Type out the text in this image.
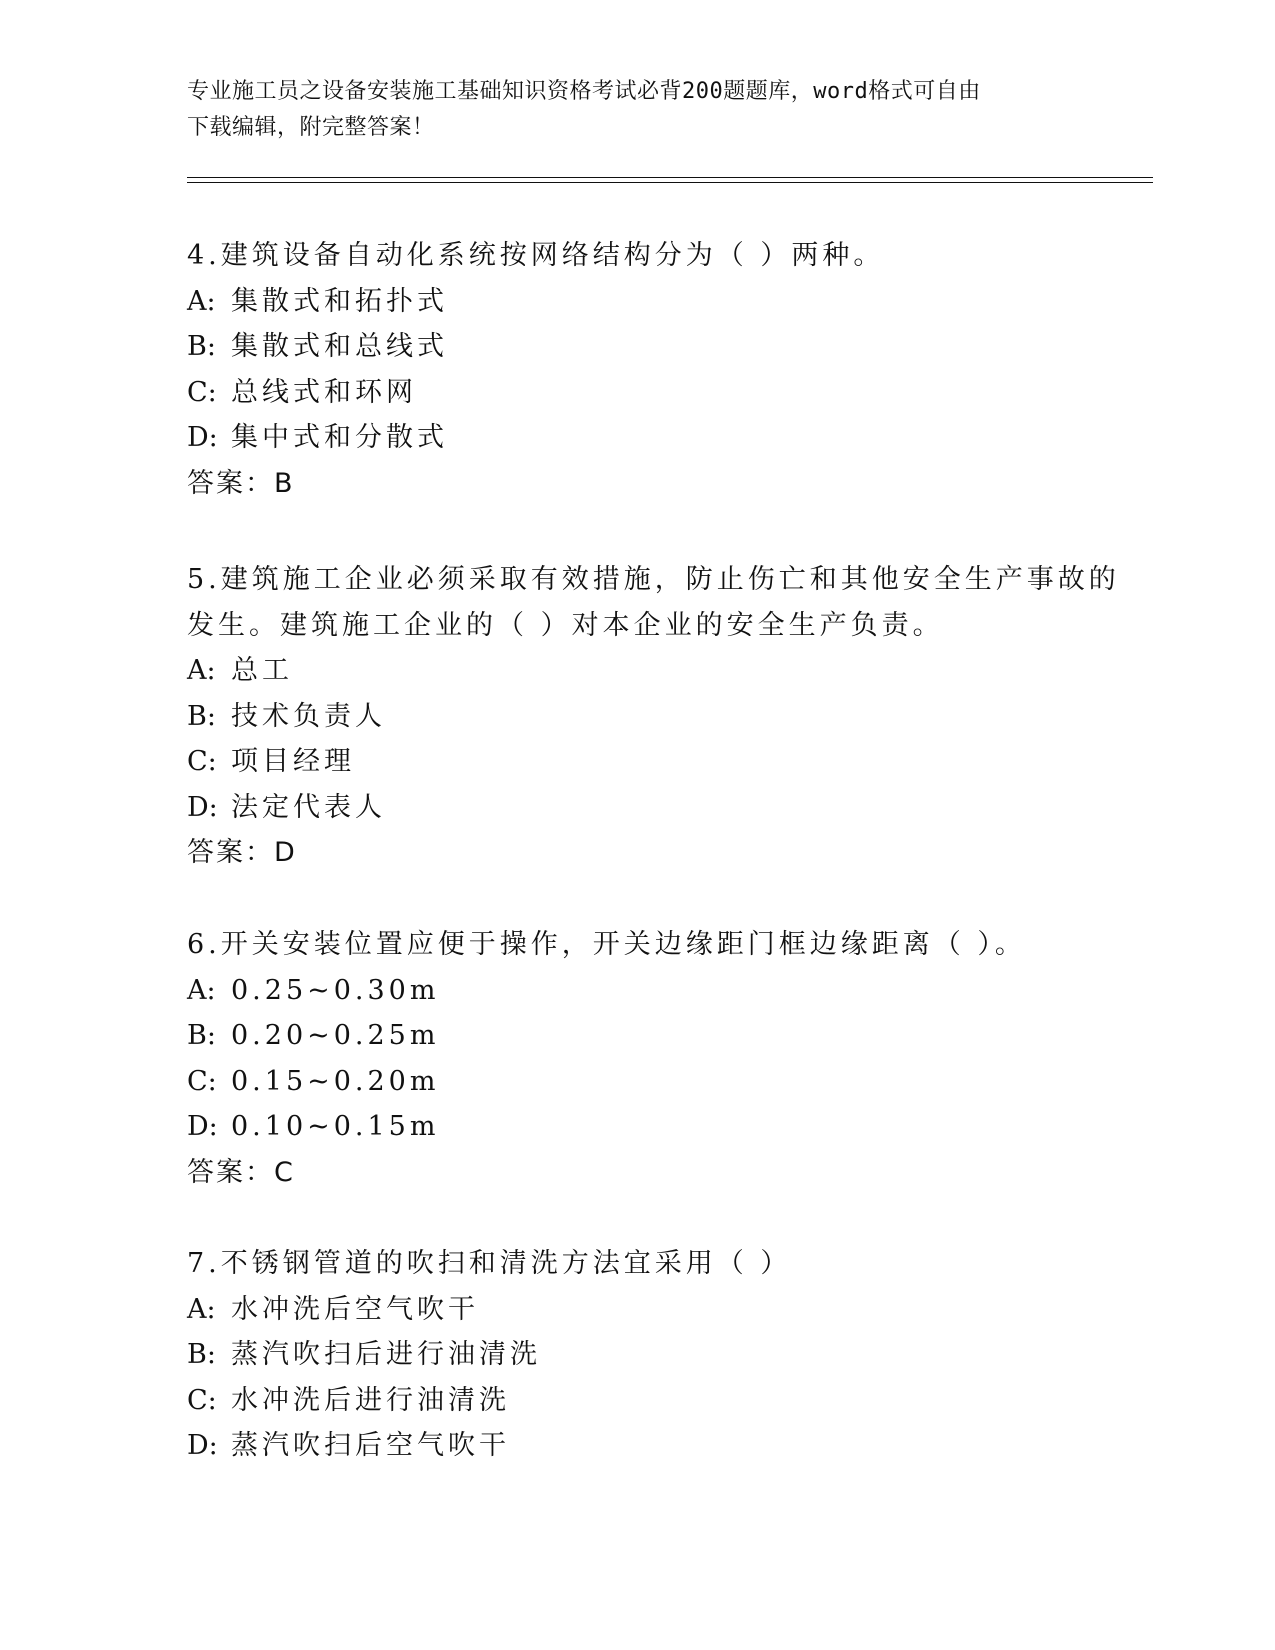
专业施工员之设备安装施工基础知识资格考试必背200题题库，word格式可自由
下载编辑，附完整答案！
4.建筑设备自动化系统按网络结构分为（ ）两种。
A: 集散式和拓扑式
B: 集散式和总线式
C: 总线式和环网
D: 集中式和分散式
答案：B
5.建筑施工企业必须采取有效措施，防止伤亡和其他安全生产事故的
发生。建筑施工企业的（ ）对本企业的安全生产负责。
A: 总工
B: 技术负责人
C: 项目经理
D: 法定代表人
答案：D
6.开关安装位置应便于操作，开关边缘距门框边缘距离（ ）。
A: 0.25~0.30m
B: 0.20~0.25m
C: 0.15~0.20m
D: 0.10~0.15m
答案：C
7.不锈钢管道的吹扫和清洗方法宜采用（ ）
A: 水冲洗后空气吹干
B: 蒸汽吹扫后进行油清洗
C: 水冲洗后进行油清洗
D: 蒸汽吹扫后空气吹干
